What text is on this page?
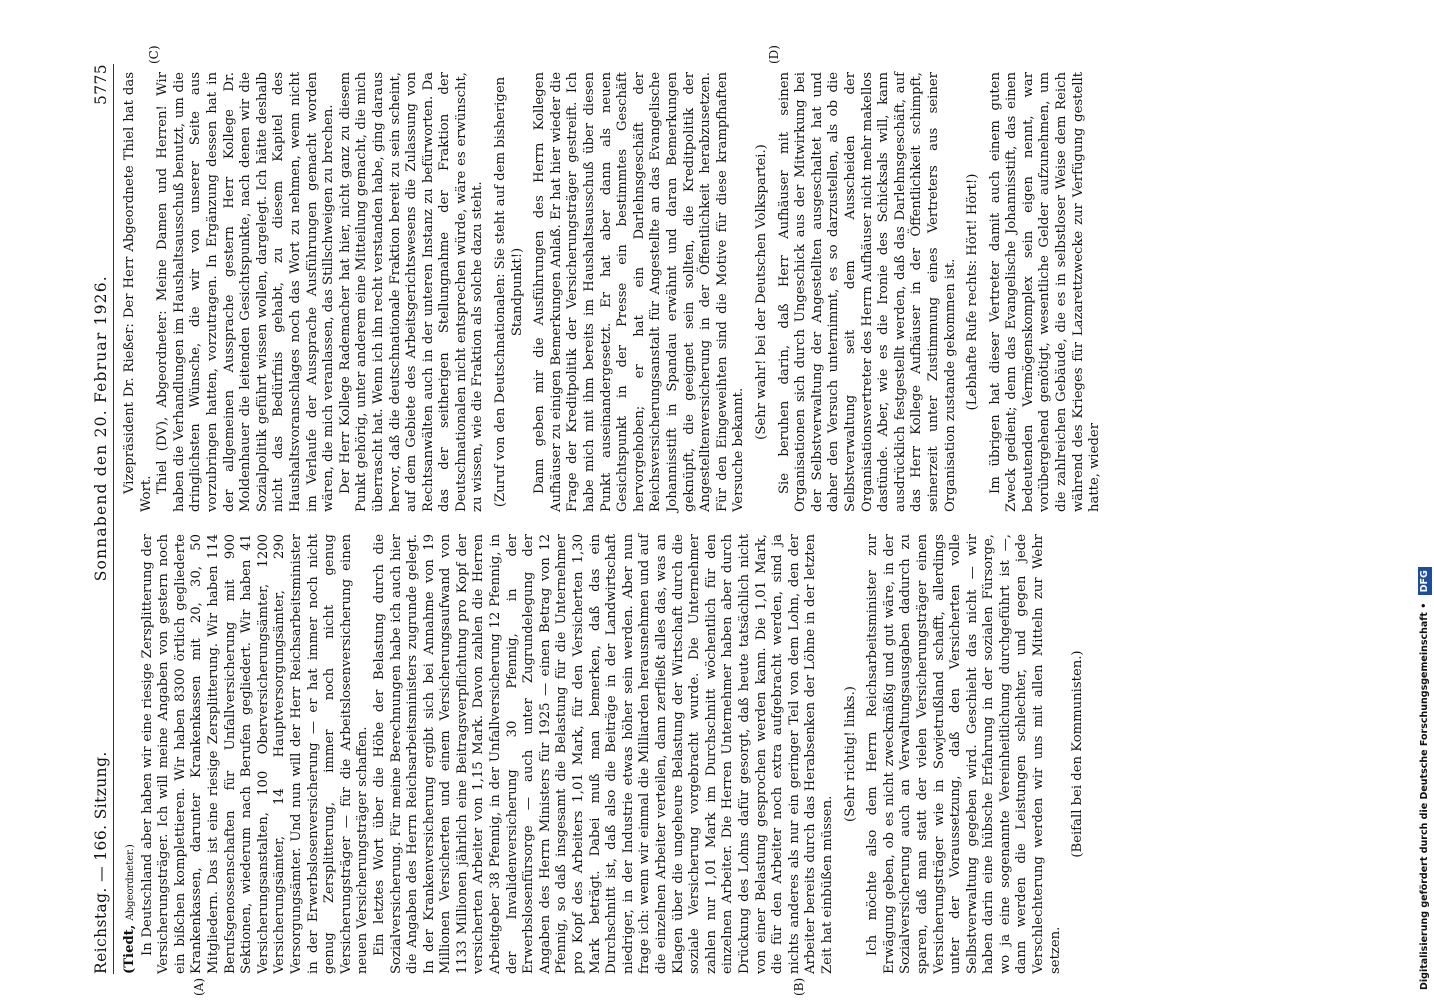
Reichstag. — 166. Sitzung.
Sonnabend den 20. Februar 1926.
5775

(Tiedt, Abgeordneter.) In Deutschland aber haben wir eine riesige Zersplitterung der Versicherungsträger. Ich will meine Angaben von gestern noch ein bißchen komplettieren. Wir haben 8300 örtlich gegliederte Krankenkassen, darunter Krankenkassen mit 20, 30, 50 Mitgliedern. Das ist eine riesige Zersplitterung. Wir haben 114 Berufsgenossenschaften für Unfallversicherung mit 900 Sektionen, wiederum nach Berufen gegliedert. Wir haben 41 Versicherungsanstalten, 100 Oberversicherungsämter, 1200 Versicherungsämter, 14 Hauptversorgungsämter, 290 Versorgungsämter. Und nun will der Herr Reichsarbeitsminister in der Erwerbslosenversicherung — er hat immer noch nicht genug Zersplitterung, immer noch nicht genug Versicherungsträger — für die Arbeitslosenversicherung einen neuen Versicherungsträger schaffen. Ein letztes Wort über die Höhe der Belastung durch die Sozialversicherung. Für meine Berechnungen habe ich auch hier die Angaben des Herrn Reichsarbeitsministers zugrunde gelegt. In der Krankenversicherung ergibt sich bei Annahme von 19 Millionen Versicherten und einem Versicherungsaufwand von 1133 Millionen jährlich eine Beitragsverpflichtung pro Kopf der versicherten Arbeiter von 1,15 Mark. Davon zahlen die Herren Arbeitgeber 38 Pfennig, in der Unfallversicherung 12 Pfennig, in der Invalidenversicherung 30 Pfennig, in der Erwerbslosenfürsorge — auch unter Zugrundelegung der Angaben des Herrn Ministers für 1925 — einen Betrag von 12 Pfennig, so daß insgesamt die Belastung für die Unternehmer pro Kopf des Arbeiters 1,01 Mark, für den Versicherten 1,30 Mark beträgt. Dabei muß man bemerken, daß das ein Durchschnitt ist, daß also die Beiträge in der Landwirtschaft niedriger, in der Industrie etwas höher sein werden. Aber nun frage ich: wenn wir einmal die Milliarden herausnehmen und auf die einzelnen Arbeiter verteilen, dann zerfließt alles das, was an Klagen über die ungeheure Belastung der Wirtschaft durch die soziale Versicherung vorgebracht wurde. Die Unternehmer zahlen nur 1,01 Mark im Durchschnitt wöchentlich für den einzelnen Arbeiter. Die Herren Unternehmer haben aber durch Drückung des Lohns dafür gesorgt, daß heute tatsächlich nicht von einer Belastung gesprochen werden kann. Die 1,01 Mark, die für den Arbeiter noch extra aufgebracht werden, sind ja nichts anderes als nur ein geringer Teil von dem Lohn, den der Arbeiter bereits durch das Herabsenken der Löhne in der letzten Zeit hat einbüßen müssen.

(Sehr richtig! links.) Ich möchte also dem Herrn Reichsarbeitsminister zur Erwägung geben, ob es nicht zweckmäßig und gut wäre, in der Sozialversicherung auch an Verwaltungsausgaben dadurch zu sparen, daß man statt der vielen Versicherungsträger einen Versicherungsträger wie in Sowjetrußland schafft, allerdings unter der Voraussetzung, daß den Versicherten volle Selbstverwaltung gegeben wird. Geschieht das nicht — wir haben darin eine hübsche Erfahrung in der sozialen Fürsorge, wo ja eine sogenannte Vereinheitlichung durchgeführt ist —, dann werden die Leistungen schlechter, und gegen jede Verschlechterung werden wir uns mit allen Mitteln zur Wehr setzen.

(Beifall bei den Kommunisten.)

Vizepräsident Dr. Rießer: Der Herr Abgeordnete Thiel hat das Wort. Thiel (DV), Abgeordneter: Meine Damen und Herren! Wir haben die Verhandlungen im Haushaltsausschuß benutzt, um die dringlichsten Wünsche, die wir von unserer Seite aus vorzubringen hatten, vorzutragen. In Ergänzung dessen hat in der allgemeinen Aussprache gestern Herr Kollege Dr. Moldenhauer die leitenden Gesichtspunkte, nach denen wir die Sozialpolitik geführt wissen wollen, dargelegt. Ich hätte deshalb nicht das Bedürfnis gehabt, zu diesem Kapitel des Haushaltsvoranschlages noch das Wort zu nehmen, wenn nicht im Verlaufe der Aussprache Ausführungen gemacht worden wären, die mich veranlassen, das Stillschweigen zu brechen. Der Herr Kollege Rademacher hat hier, nicht ganz zu diesem Punkt gehörig, unter anderem eine Mitteilung gemacht, die mich überrascht hat. Wenn ich ihn recht verstanden habe, ging daraus hervor, daß die deutschnationale Fraktion bereit zu sein scheint, auf dem Gebiete des Arbeitsgerichtswesens die Zulassung von Rechtsanwälten auch in der unteren Instanz zu befürworten. Da das der seitherigen Stellungnahme der Fraktion der Deutschnationalen nicht entsprechen würde, wäre es erwünscht, zu wissen, wie die Fraktion als solche dazu steht. (Zuruf von den Deutschnationalen: Sie steht auf dem bisherigen Standpunkt!) Dann geben mir die Ausführungen des Herrn Kollegen Aufhäuser zu einigen Bemerkungen Anlaß. Er hat hier wieder die Frage der Kreditpolitik der Versicherungsträger gestreift. Ich habe mich mit ihm bereits im Haushaltsausschuß über diesen Punkt auseinandergesetzt. Er hat aber dann als neuen Gesichtspunkt in der Presse ein bestimmtes Geschäft hervorgehoben; er hat ein Darlehnsgeschäft der Reichsversicherungsanstalt für Angestellte an das Evangelische Johannisstift in Spandau erwähnt und daran Bemerkungen geknüpft, die geeignet sein sollten, die Kreditpolitik der Angestelltenversicherung in der Öffentlichkeit herabzusetzen. Für den Eingeweihten sind die Motive für diese krampfhaften Versuche bekannt.

(Sehr wahr! bei der Deutschen Volkspartei.) Sie beruhen darin, daß Herr Aufhäuser mit seinen Organisationen sich durch Ungeschick aus der Mitwirkung bei der Selbstverwaltung der Angestellten ausgeschaltet hat und daher den Versuch unternimmt, es so darzustellen, als ob die Selbstverwaltung seit dem Ausscheiden der Organisationsvertreter des Herrn Aufhäuser nicht mehr makellos dastünde. Aber, wie es die Ironie des Schicksals will, kann ausdrücklich festgestellt werden, daß das Darlehnsgeschäft, auf das Herr Kollege Aufhäuser in der Öffentlichkeit schimpft, seinerzeit unter Zustimmung eines Vertreters aus seiner Organisation zustande gekommen ist. (Lebhafte Rufe rechts: Hört! Hört!) Im übrigen hat dieser Vertreter damit auch einem guten Zweck gedient; denn das Evangelische Johannisstift, das einen bedeutenden Vermögenskomplex sein eigen nennt, war vorübergehend genötigt, wesentliche Gelder aufzunehmen, um die zahlreichen Gebäude, die es in selbstloser Weise dem Reich während des Krieges für Lazarettzwecke zur Verfügung gestellt hatte, wieder

(A)	(B)
(C)	(D)
Digitalisierung gefördert durch die Deutsche Forschungsgemeinschaft • DFG
